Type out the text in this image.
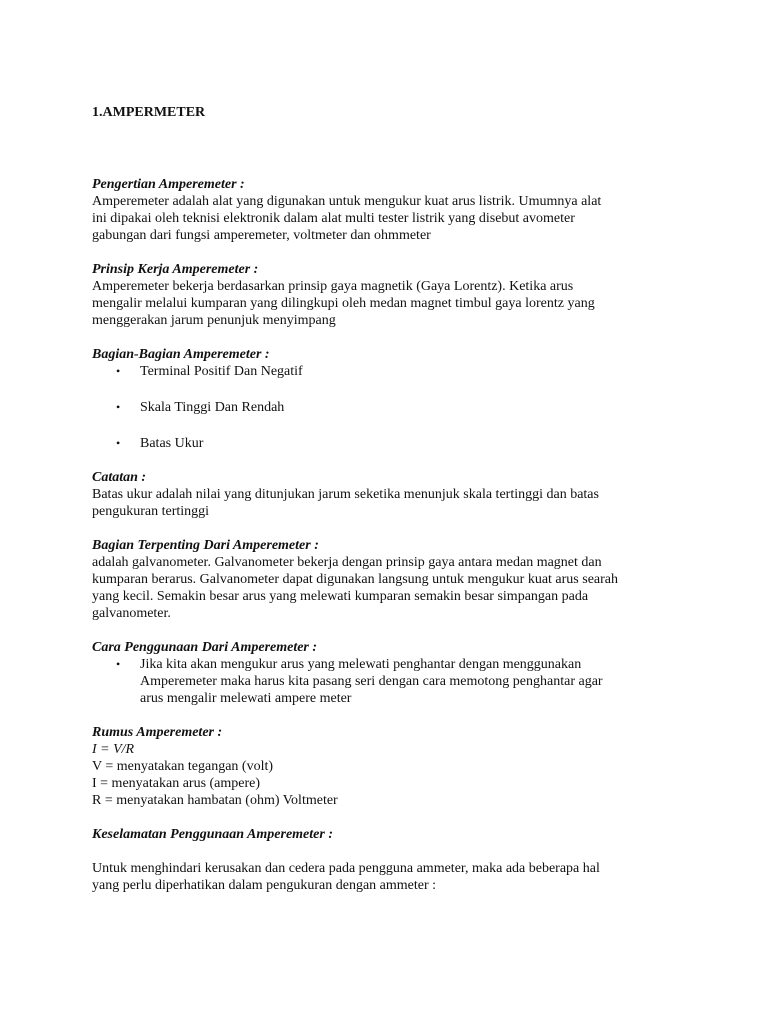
1.AMPERMETER
Pengertian Amperemeter :
Amperemeter adalah alat yang digunakan untuk mengukur kuat arus listrik. Umumnya alat
ini dipakai oleh teknisi elektronik dalam alat multi tester listrik yang disebut avometer
gabungan dari fungsi amperemeter, voltmeter dan ohmmeter
Prinsip Kerja Amperemeter :
Amperemeter bekerja berdasarkan prinsip gaya magnetik (Gaya Lorentz). Ketika arus
mengalir melalui kumparan yang dilingkupi oleh medan magnet timbul gaya lorentz yang
menggerakan jarum penunjuk menyimpang
Bagian-Bagian Amperemeter :
• Terminal Positif Dan Negatif
• Skala Tinggi Dan Rendah
• Batas Ukur
Catatan :
Batas ukur adalah nilai yang ditunjukan jarum seketika menunjuk skala tertinggi dan batas
pengukuran tertinggi
Bagian Terpenting Dari Amperemeter :
adalah galvanometer. Galvanometer bekerja dengan prinsip gaya antara medan magnet dan
kumparan berarus. Galvanometer dapat digunakan langsung untuk mengukur kuat arus searah
yang kecil. Semakin besar arus yang melewati kumparan semakin besar simpangan pada
galvanometer.
Cara Penggunaan Dari Amperemeter :
• Jika kita akan mengukur arus yang melewati penghantar dengan menggunakan
Amperemeter maka harus kita pasang seri dengan cara memotong penghantar agar
arus mengalir melewati ampere meter
Rumus Amperemeter :
I = V/R
V = menyatakan tegangan (volt)
I = menyatakan arus (ampere)
R = menyatakan hambatan (ohm) Voltmeter
Keselamatan Penggunaan Amperemeter :
Untuk menghindari kerusakan dan cedera pada pengguna ammeter, maka ada beberapa hal
yang perlu diperhatikan dalam pengukuran dengan ammeter :
